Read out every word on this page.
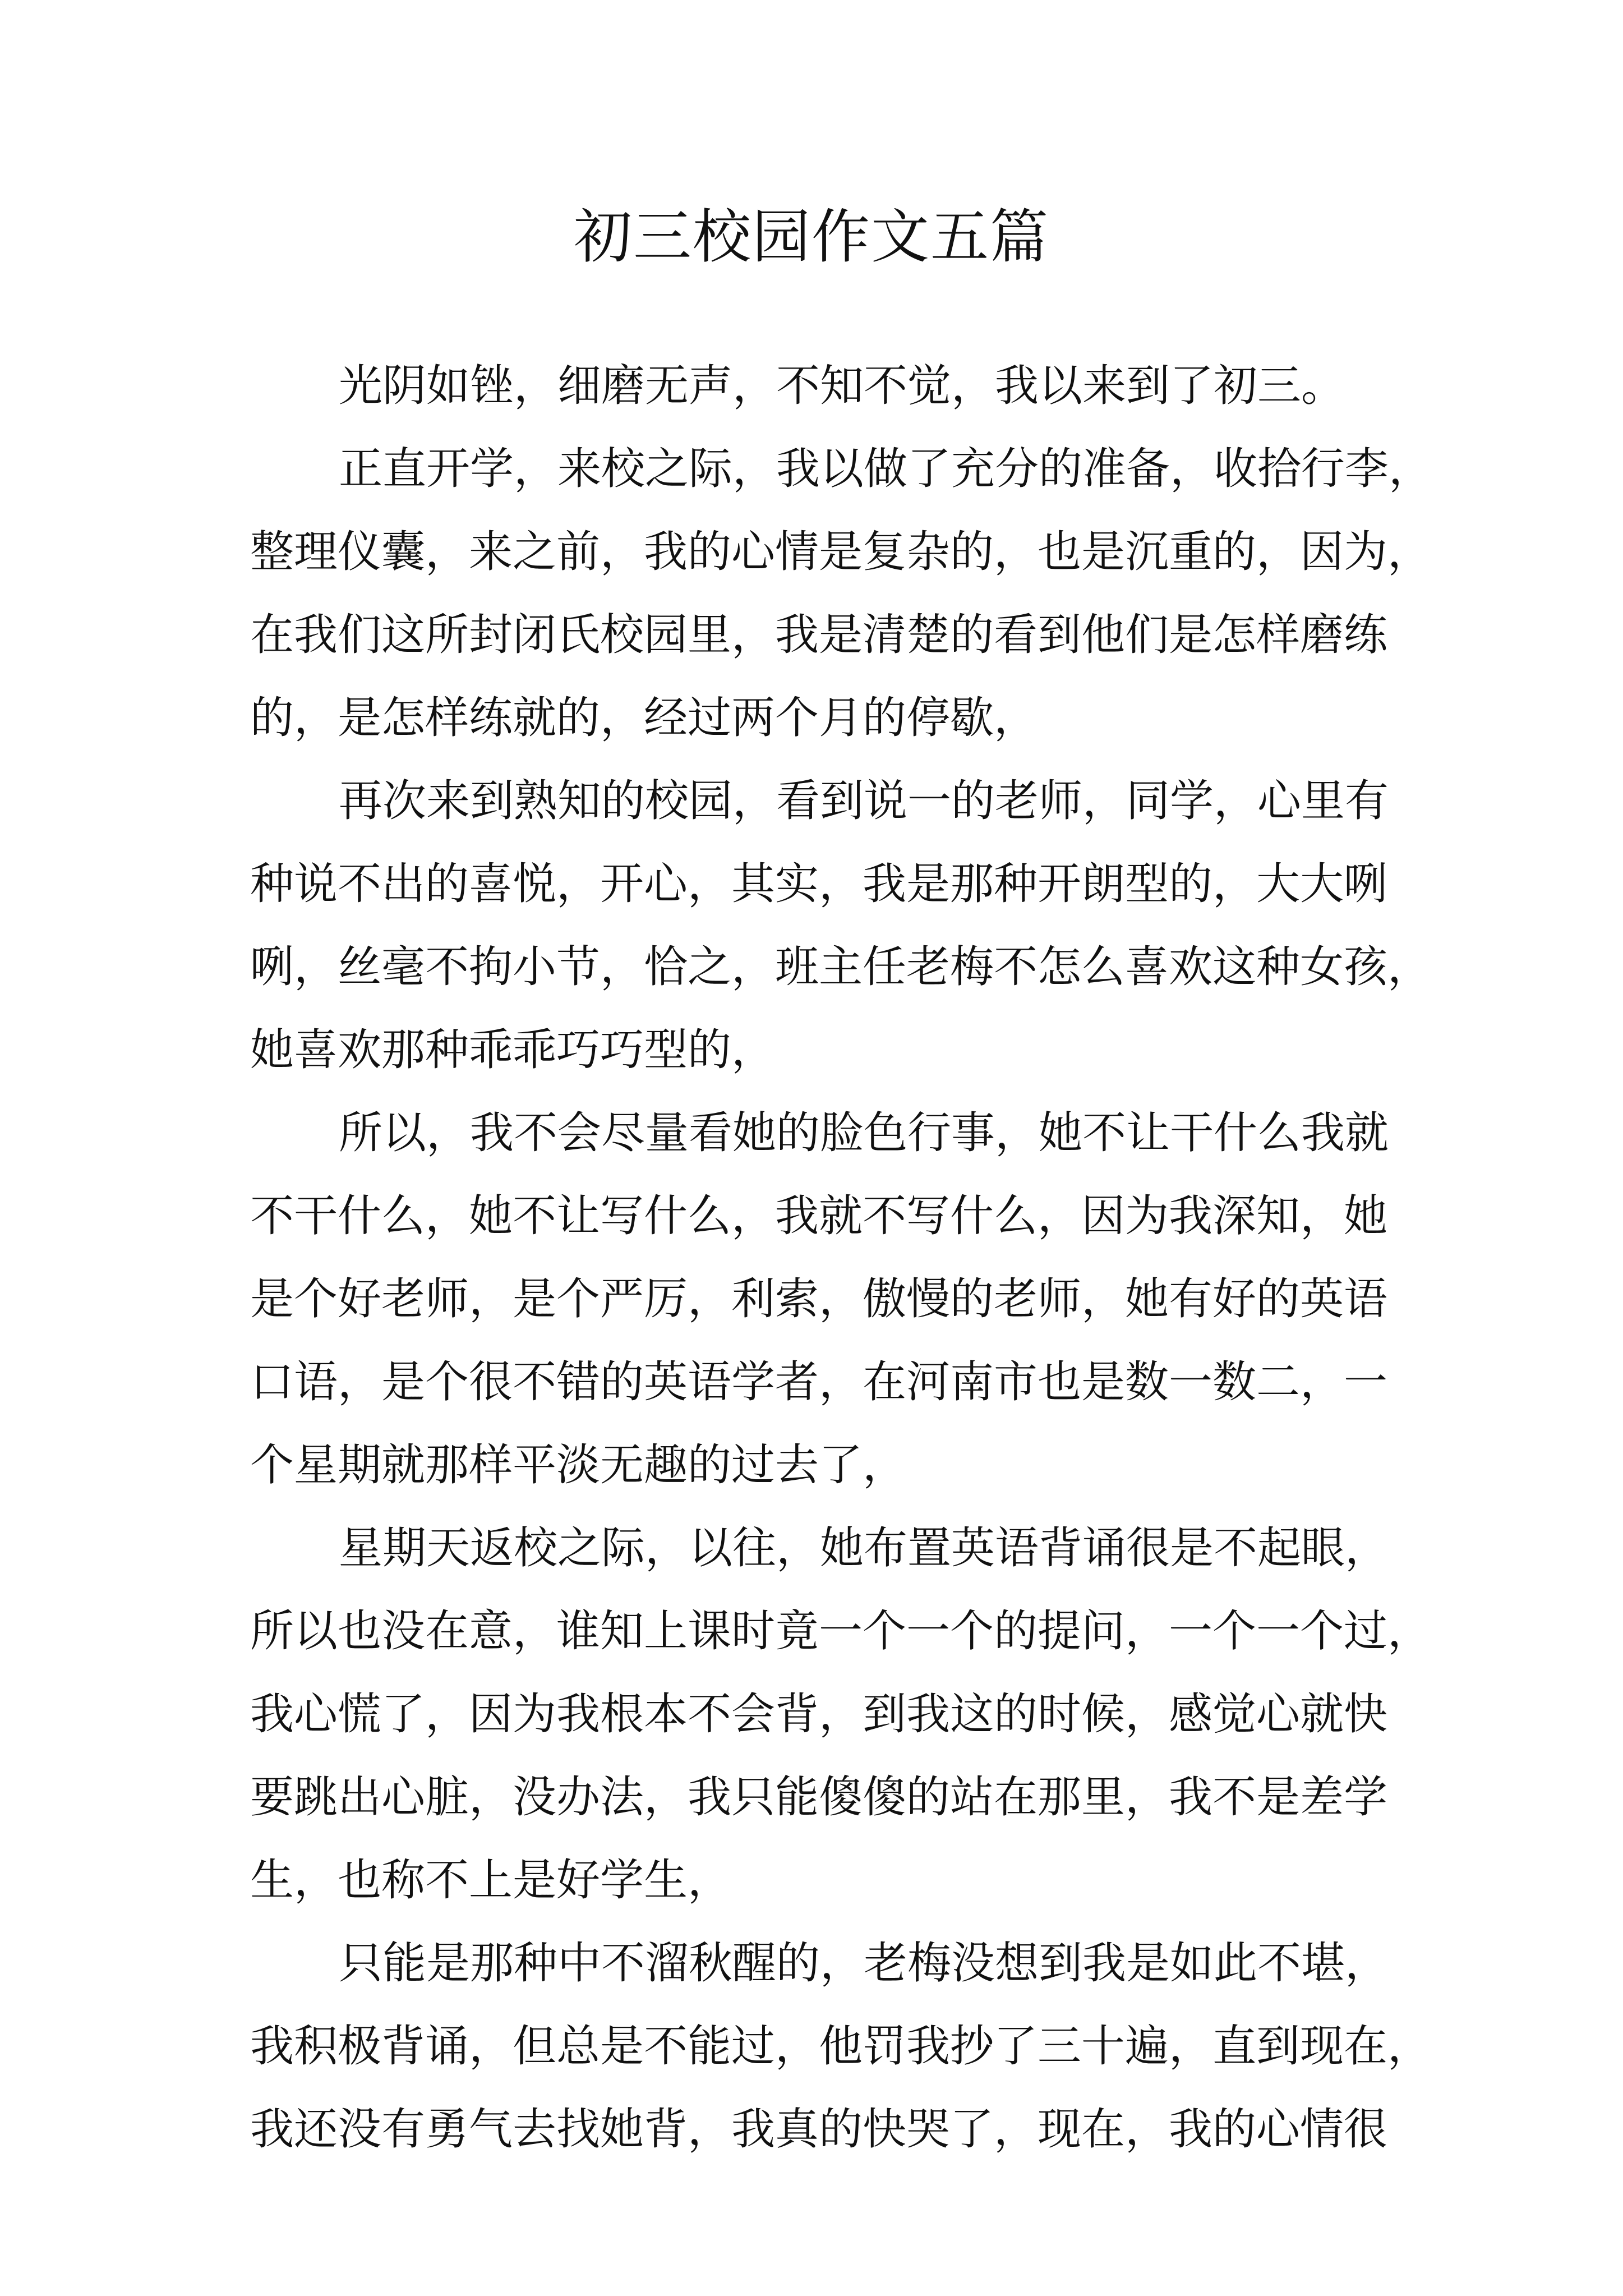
初三校园作文五篇
光阴如锉，细磨无声，不知不觉，我以来到了初三。
正直开学，来校之际，我以做了充分的准备，收拾行李，
整理仪囊，来之前，我的心情是复杂的，也是沉重的，因为，
在我们这所封闭氏校园里，我是清楚的看到他们是怎样磨练
的，是怎样练就的，经过两个月的停歇，
再次来到熟知的校园，看到说一的老师，同学，心里有
种说不出的喜悦，开心，其实，我是那种开朗型的，大大咧
咧，丝毫不拘小节，恰之，班主任老梅不怎么喜欢这种女孩，
她喜欢那种乖乖巧巧型的，
所以，我不会尽量看她的脸色行事，她不让干什么我就
不干什么，她不让写什么，我就不写什么，因为我深知，她
是个好老师，是个严厉，利索，傲慢的老师，她有好的英语
口语，是个很不错的英语学者，在河南市也是数一数二，一
个星期就那样平淡无趣的过去了，
星期天返校之际，以往，她布置英语背诵很是不起眼，
所以也没在意，谁知上课时竟一个一个的提问，一个一个过，
我心慌了，因为我根本不会背，到我这的时候，感觉心就快
要跳出心脏，没办法，我只能傻傻的站在那里，我不是差学
生，也称不上是好学生，
只能是那种中不溜秋醒的，老梅没想到我是如此不堪，
我积极背诵，但总是不能过，他罚我抄了三十遍，直到现在，
我还没有勇气去找她背，我真的快哭了，现在，我的心情很
